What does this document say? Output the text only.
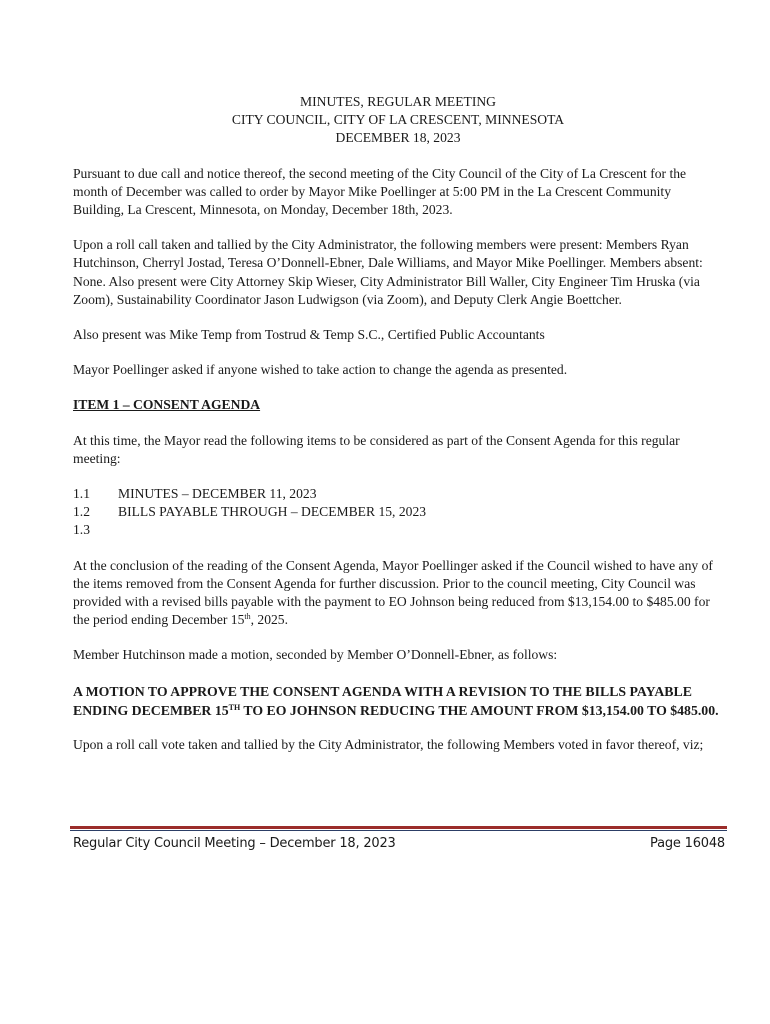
MINUTES, REGULAR MEETING
CITY COUNCIL, CITY OF LA CRESCENT, MINNESOTA
DECEMBER 18, 2023

Pursuant to due call and notice thereof, the second meeting of the City Council of the City of La Crescent for the month of December was called to order by Mayor Mike Poellinger at 5:00 PM in the La Crescent Community Building, La Crescent, Minnesota, on Monday, December 18th, 2023.

Upon a roll call taken and tallied by the City Administrator, the following members were present: Members Ryan Hutchinson, Cherryl Jostad, Teresa O’Donnell-Ebner, Dale Williams, and Mayor Mike Poellinger. Members absent: None. Also present were City Attorney Skip Wieser, City Administrator Bill Waller, City Engineer Tim Hruska (via Zoom), Sustainability Coordinator Jason Ludwigson (via Zoom), and Deputy Clerk Angie Boettcher.

Also present was Mike Temp from Tostrud & Temp S.C., Certified Public Accountants

Mayor Poellinger asked if anyone wished to take action to change the agenda as presented.

ITEM 1 – CONSENT AGENDA

At this time, the Mayor read the following items to be considered as part of the Consent Agenda for this regular meeting:

1.1	MINUTES – DECEMBER 11, 2023
1.2	BILLS PAYABLE THROUGH – DECEMBER 15, 2023
1.3

At the conclusion of the reading of the Consent Agenda, Mayor Poellinger asked if the Council wished to have any of the items removed from the Consent Agenda for further discussion. Prior to the council meeting, City Council was provided with a revised bills payable with the payment to EO Johnson being reduced from $13,154.00 to $485.00 for the period ending December 15th, 2025.

Member Hutchinson made a motion, seconded by Member O’Donnell-Ebner, as follows:

A MOTION TO APPROVE THE CONSENT AGENDA WITH A REVISION TO THE BILLS PAYABLE ENDING DECEMBER 15TH TO EO JOHNSON REDUCING THE AMOUNT FROM $13,154.00 TO $485.00.

Upon a roll call vote taken and tallied by the City Administrator, the following Members voted in favor thereof, viz;

Regular City Council Meeting – December 18, 2023	Page 16048
